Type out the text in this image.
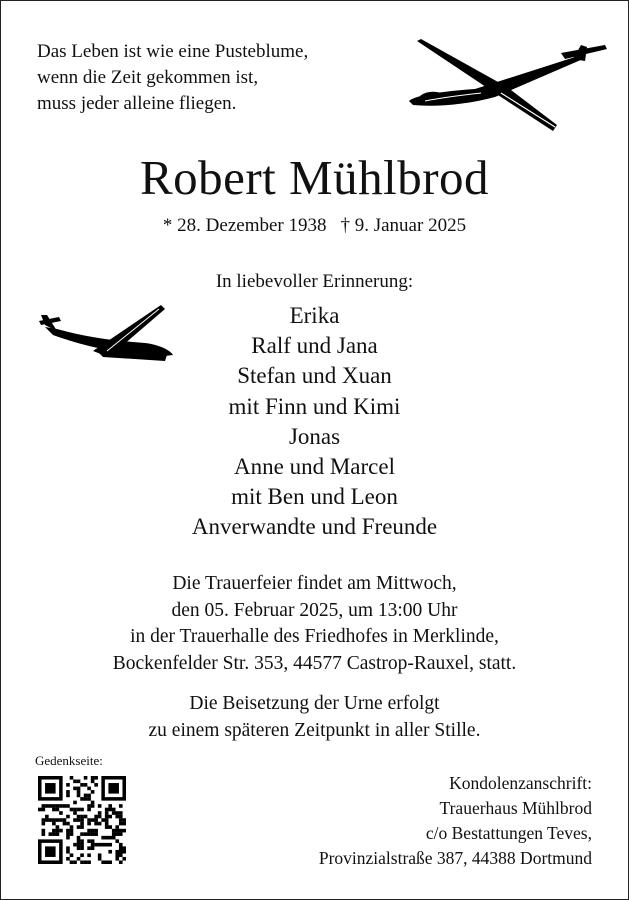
Das Leben ist wie eine Pusteblume,
wenn die Zeit gekommen ist,
muss jeder alleine fliegen.
Robert Mühlbrod
* 28. Dezember 1938 † 9. Januar 2025
In liebevoller Erinnerung:
Erika
Ralf und Jana
Stefan und Xuan
mit Finn und Kimi
Jonas
Anne und Marcel
mit Ben und Leon
Anverwandte und Freunde
Die Trauerfeier findet am Mittwoch,
den 05. Februar 2025, um 13:00 Uhr
in der Trauerhalle des Friedhofes in Merklinde,
Bockenfelder Str. 353, 44577 Castrop-Rauxel, statt.
Die Beisetzung der Urne erfolgt
zu einem späteren Zeitpunkt in aller Stille.
Gedenkseite:
Kondolenzanschrift:
Trauerhaus Mühlbrod
c/o Bestattungen Teves,
Provinzialstraße 387, 44388 Dortmund
